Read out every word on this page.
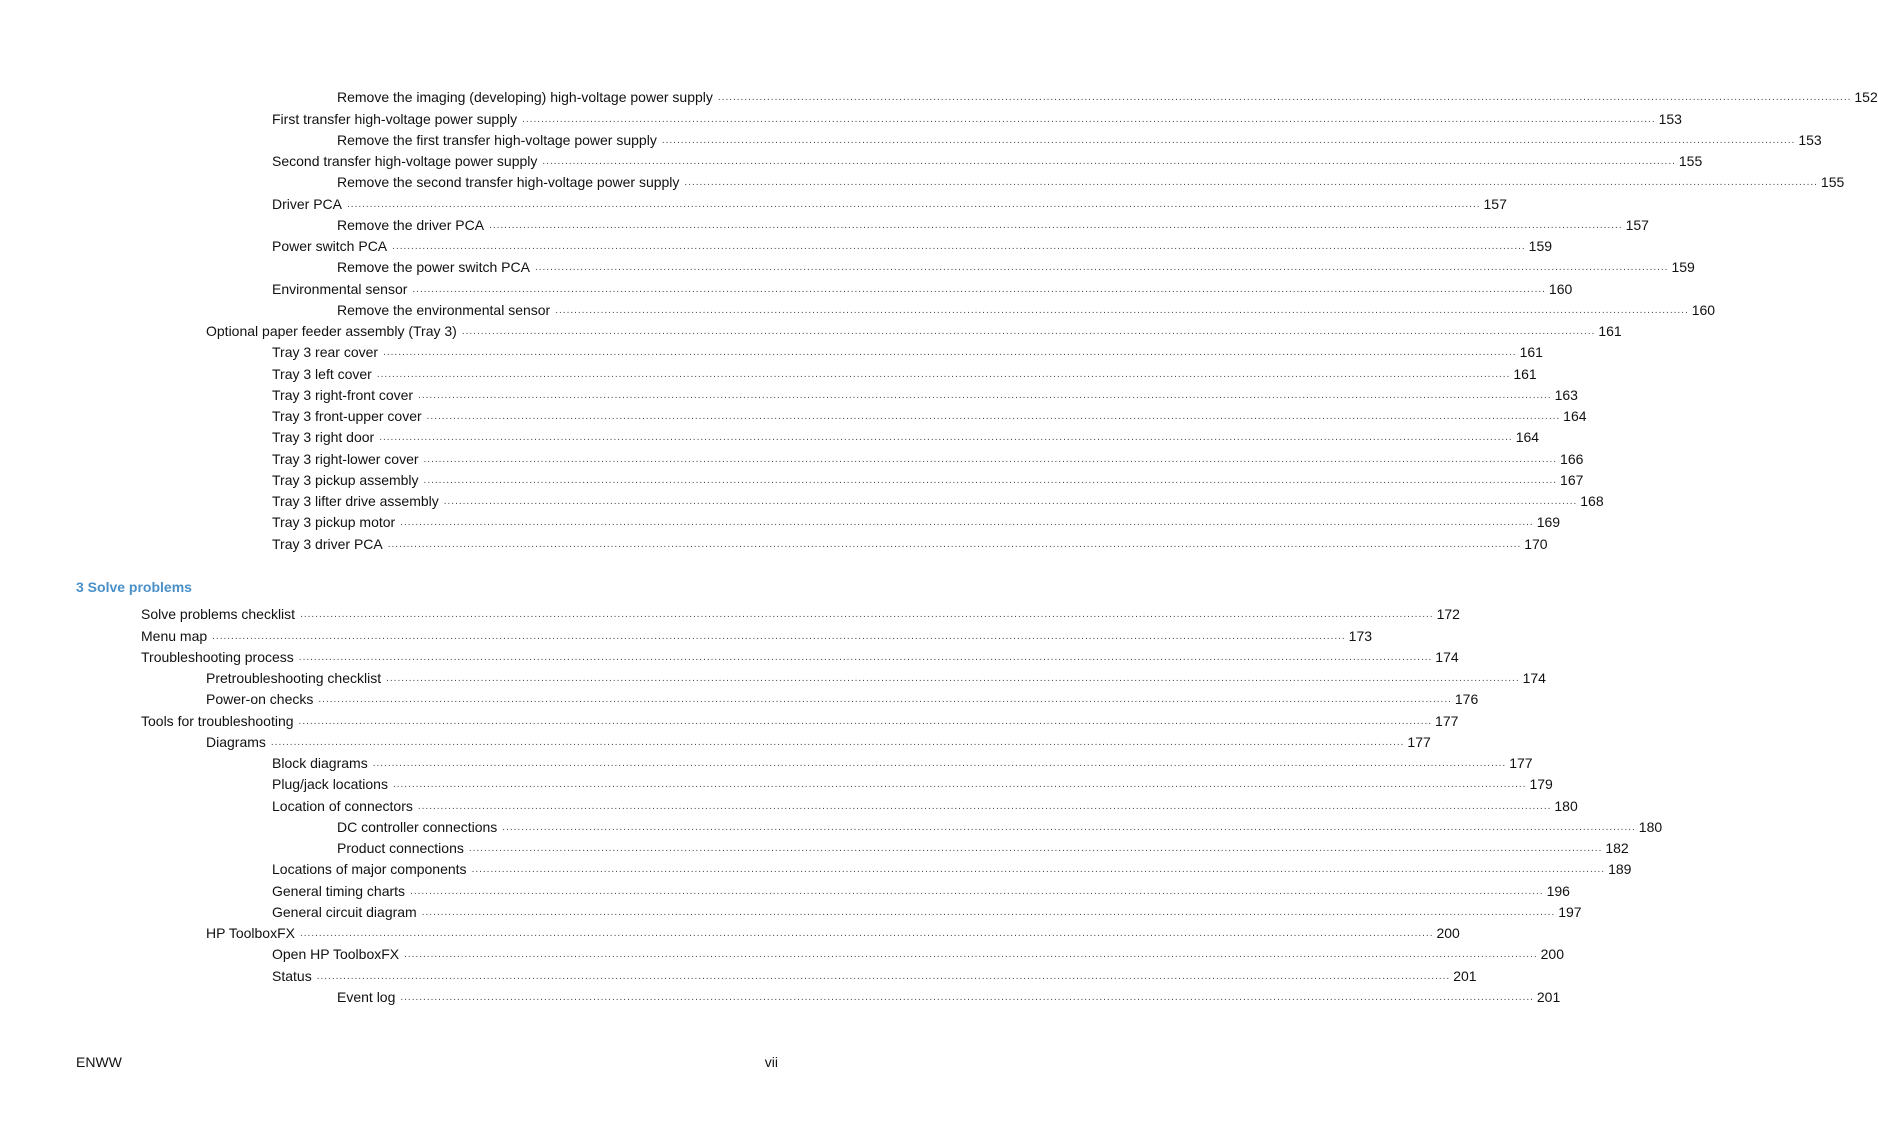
Remove the imaging (developing) high-voltage power supply ............................................................................................................................................................................................................................................................................................................ 152
First transfer high-voltage power supply ............................................................................................................................................................................................................................................................................................................ 153
Remove the first transfer high-voltage power supply ............................................................................................................................................................................................................................................................................................................ 153
Second transfer high-voltage power supply ............................................................................................................................................................................................................................................................................................................ 155
Remove the second transfer high-voltage power supply ............................................................................................................................................................................................................................................................................................................ 155
Driver PCA ............................................................................................................................................................................................................................................................................................................ 157
Remove the driver PCA ............................................................................................................................................................................................................................................................................................................ 157
Power switch PCA ............................................................................................................................................................................................................................................................................................................ 159
Remove the power switch PCA ............................................................................................................................................................................................................................................................................................................ 159
Environmental sensor ............................................................................................................................................................................................................................................................................................................ 160
Remove the environmental sensor ............................................................................................................................................................................................................................................................................................................ 160
Optional paper feeder assembly (Tray 3) ............................................................................................................................................................................................................................................................................................................ 161
Tray 3 rear cover ............................................................................................................................................................................................................................................................................................................ 161
Tray 3 left cover ............................................................................................................................................................................................................................................................................................................ 161
Tray 3 right-front cover ............................................................................................................................................................................................................................................................................................................ 163
Tray 3 front-upper cover ............................................................................................................................................................................................................................................................................................................ 164
Tray 3 right door ............................................................................................................................................................................................................................................................................................................ 164
Tray 3 right-lower cover ............................................................................................................................................................................................................................................................................................................ 166
Tray 3 pickup assembly ............................................................................................................................................................................................................................................................................................................ 167
Tray 3 lifter drive assembly ............................................................................................................................................................................................................................................................................................................ 168
Tray 3 pickup motor ............................................................................................................................................................................................................................................................................................................ 169
Tray 3 driver PCA ............................................................................................................................................................................................................................................................................................................ 170
3 Solve problems
Solve problems checklist ............................................................................................................................................................................................................................................................................................................ 172
Menu map ............................................................................................................................................................................................................................................................................................................ 173
Troubleshooting process ............................................................................................................................................................................................................................................................................................................ 174
Pretroubleshooting checklist ............................................................................................................................................................................................................................................................................................................ 174
Power-on checks ............................................................................................................................................................................................................................................................................................................ 176
Tools for troubleshooting ............................................................................................................................................................................................................................................................................................................ 177
Diagrams ............................................................................................................................................................................................................................................................................................................ 177
Block diagrams ............................................................................................................................................................................................................................................................................................................ 177
Plug/jack locations ............................................................................................................................................................................................................................................................................................................ 179
Location of connectors ............................................................................................................................................................................................................................................................................................................ 180
DC controller connections ............................................................................................................................................................................................................................................................................................................ 180
Product connections ............................................................................................................................................................................................................................................................................................................ 182
Locations of major components ............................................................................................................................................................................................................................................................................................................ 189
General timing charts ............................................................................................................................................................................................................................................................................................................ 196
General circuit diagram ............................................................................................................................................................................................................................................................................................................ 197
HP ToolboxFX ............................................................................................................................................................................................................................................................................................................ 200
Open HP ToolboxFX ............................................................................................................................................................................................................................................................................................................ 200
Status ............................................................................................................................................................................................................................................................................................................ 201
Event log ............................................................................................................................................................................................................................................................................................................ 201
ENWW	vii
